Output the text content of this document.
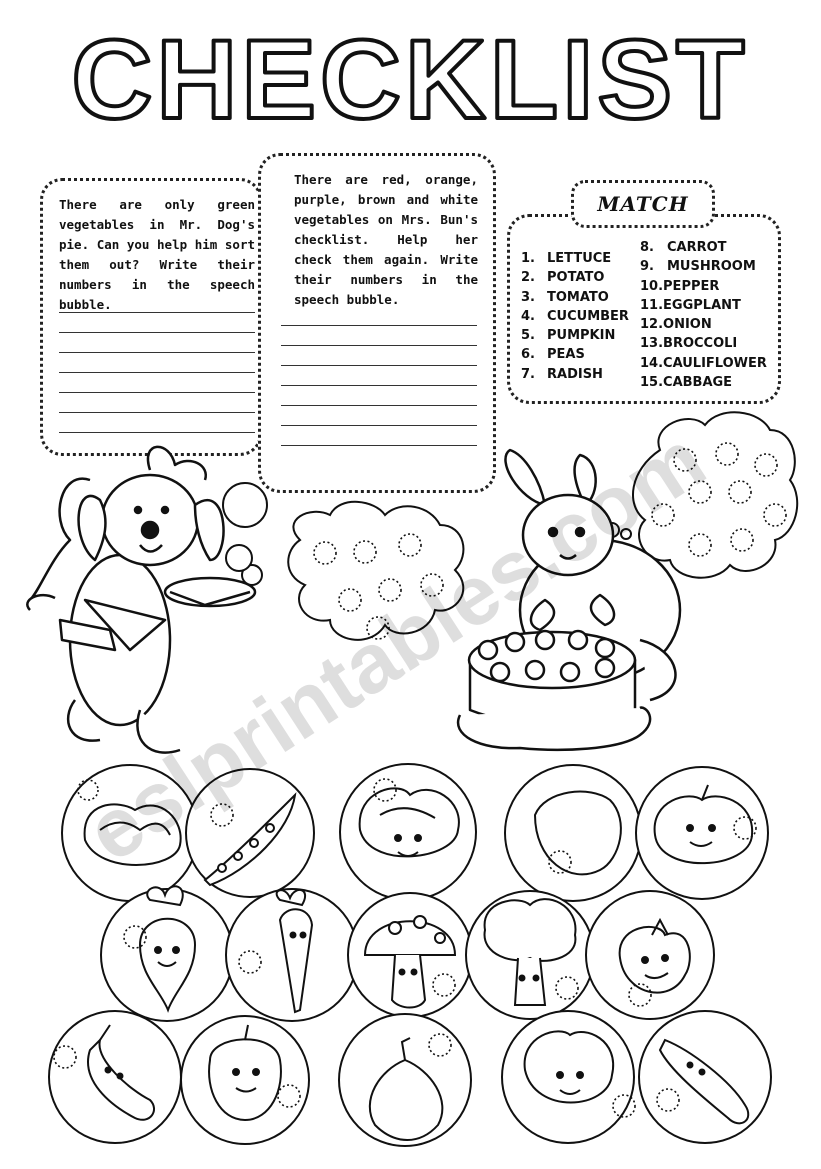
CHECKLIST
There are only green vegetables in Mr. Dog's pie. Can you help him sort them out? Write their numbers in the speech bubble.
There are red, orange, purple, brown and white vegetables on Mrs. Bun's checklist. Help her check them again. Write their numbers in the speech bubble.
MATCH
1. LETTUCE
2. POTATO
3. TOMATO
4. CUCUMBER
5. PUMPKIN
6. PEAS
7. RADISH
8. CARROT
9. MUSHROOM
10.PEPPER
11.EGGPLANT
12.ONION
13.BROCCOLI
14.CAULIFLOWER
15.CABBAGE
eslprintables.com
